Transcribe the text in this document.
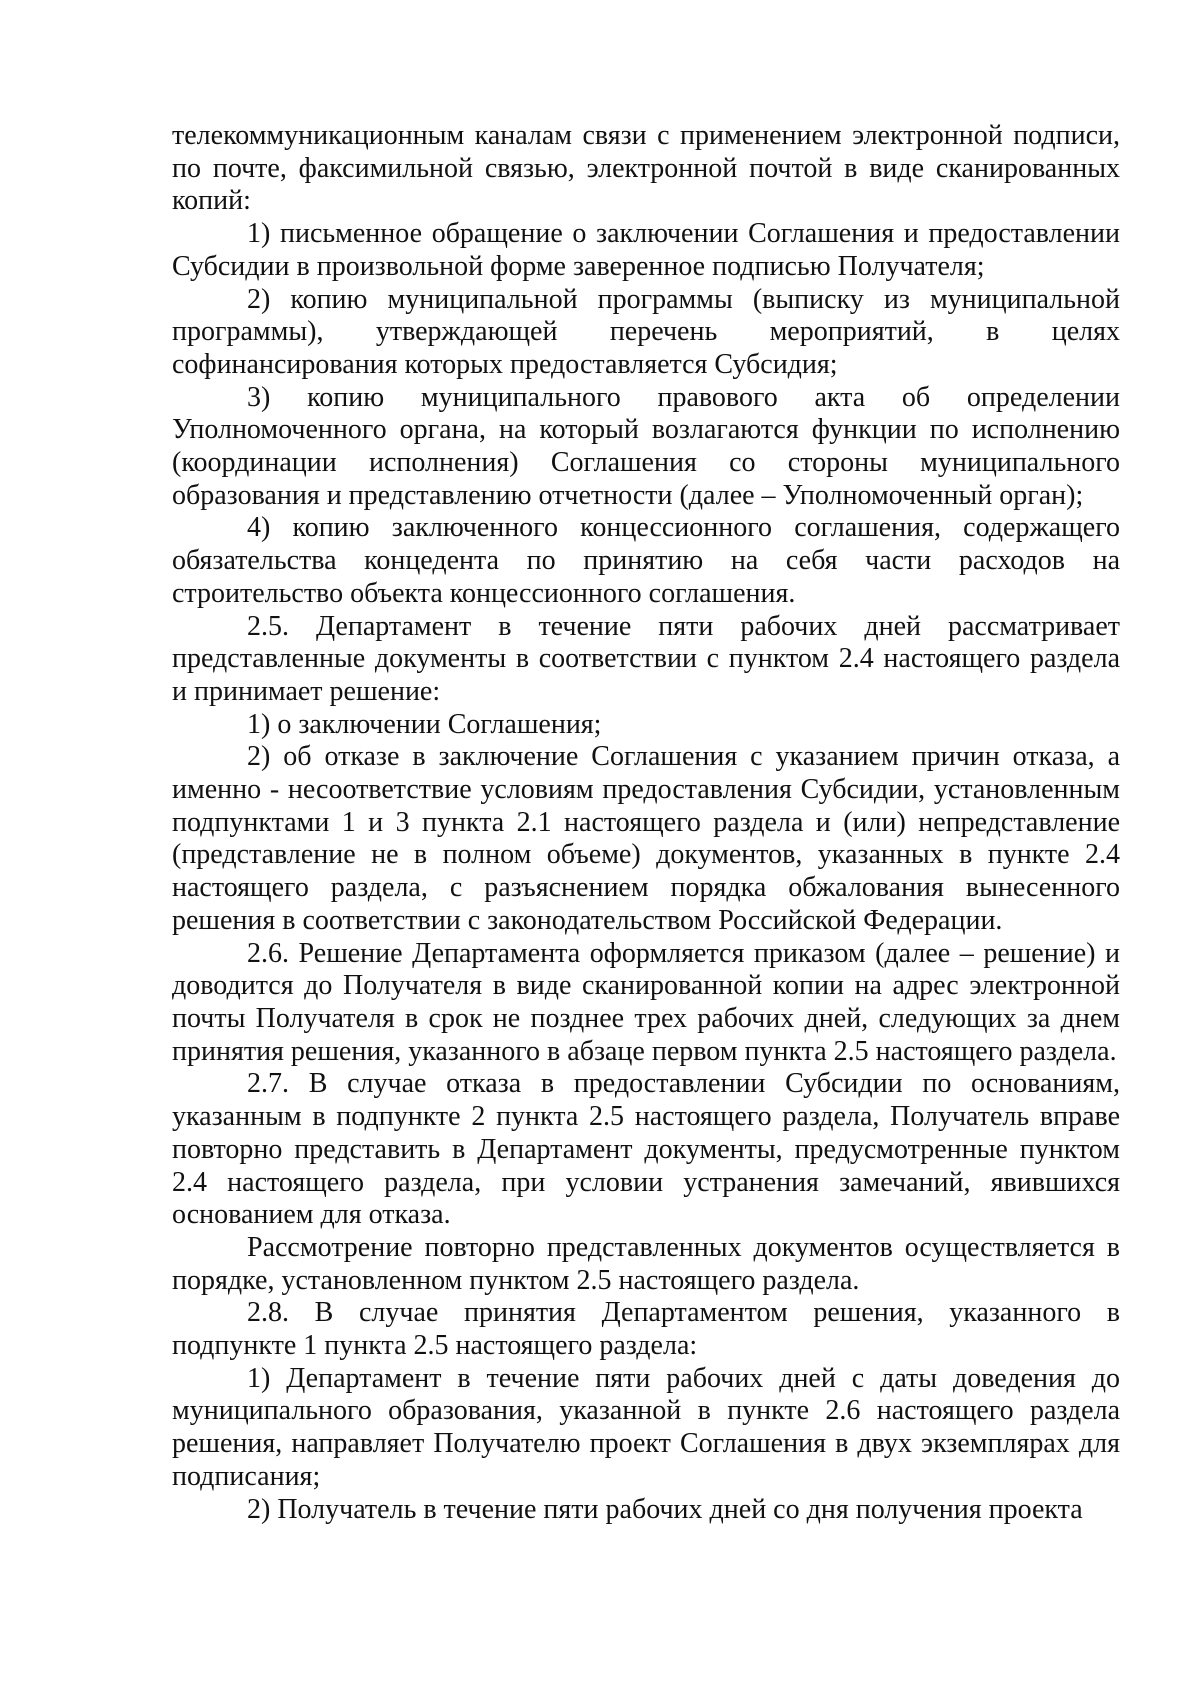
телекоммуникационным каналам связи с применением электронной подписи, по почте, факсимильной связью, электронной почтой в виде сканированных копий:

1) письменное обращение о заключении Соглашения и предоставлении Субсидии в произвольной форме заверенное подписью Получателя;

2) копию муниципальной программы (выписку из муниципальной программы), утверждающей перечень мероприятий, в целях софинансирования которых предоставляется Субсидия;

3) копию муниципального правового акта об определении Уполномоченного органа, на который возлагаются функции по исполнению (координации исполнения) Соглашения со стороны муниципального образования и представлению отчетности (далее – Уполномоченный орган);

4) копию заключенного концессионного соглашения, содержащего обязательства концедента по принятию на себя части расходов на строительство объекта концессионного соглашения.

2.5. Департамент в течение пяти рабочих дней рассматривает представленные документы в соответствии с пунктом 2.4 настоящего раздела и принимает решение:

1) о заключении Соглашения;

2) об отказе в заключение Соглашения с указанием причин отказа, а именно - несоответствие условиям предоставления Субсидии, установленным подпунктами 1 и 3 пункта 2.1 настоящего раздела и (или) непредставление (представление не в полном объеме) документов, указанных в пункте 2.4 настоящего раздела, с разъяснением порядка обжалования вынесенного решения в соответствии с законодательством Российской Федерации.

2.6. Решение Департамента оформляется приказом (далее – решение) и доводится до Получателя в виде сканированной копии на адрес электронной почты Получателя в срок не позднее трех рабочих дней, следующих за днем принятия решения, указанного в абзаце первом пункта 2.5 настоящего раздела.

2.7. В случае отказа в предоставлении Субсидии по основаниям, указанным в подпункте 2 пункта 2.5 настоящего раздела, Получатель вправе повторно представить в Департамент документы, предусмотренные пунктом 2.4 настоящего раздела, при условии устранения замечаний, явившихся основанием для отказа.

Рассмотрение повторно представленных документов осуществляется в порядке, установленном пунктом 2.5 настоящего раздела.

2.8. В случае принятия Департаментом решения, указанного в подпункте 1 пункта 2.5 настоящего раздела:

1) Департамент в течение пяти рабочих дней с даты доведения до муниципального образования, указанной в пункте 2.6 настоящего раздела решения, направляет Получателю проект Соглашения в двух экземплярах для подписания;

2) Получатель в течение пяти рабочих дней со дня получения проекта
